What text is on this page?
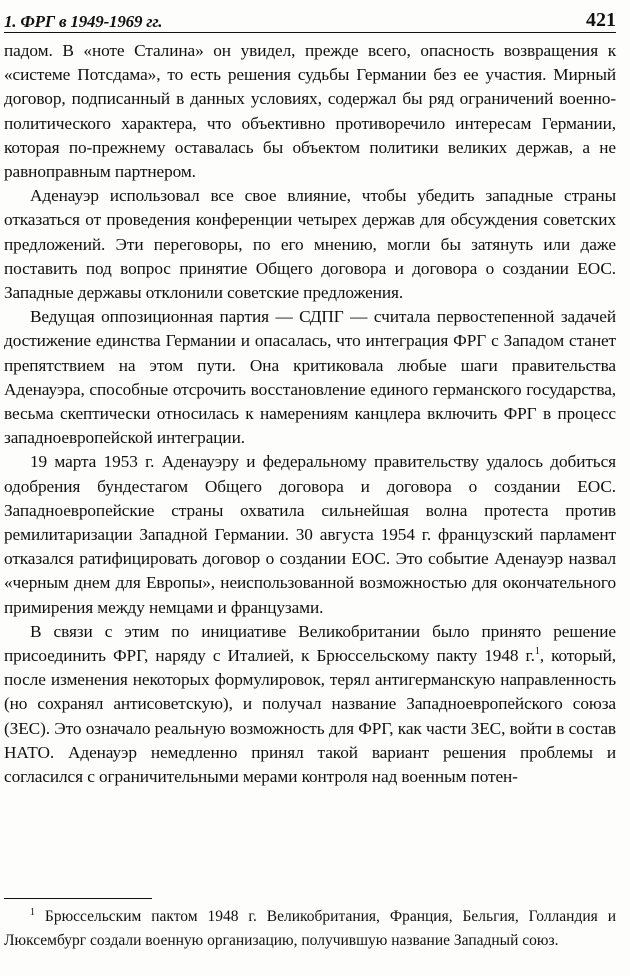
1. ФРГ в 1949-1969 гг.	421

падом. В «ноте Сталина» он увидел, прежде всего, опасность возвращения к «системе Потсдама», то есть решения судьбы Германии без ее участия. Мирный договор, подписанный в данных условиях, содержал бы ряд ограничений военно-политического характера, что объективно противоречило интересам Германии, которая по-прежнему оставалась бы объектом политики великих держав, а не равноправным партнером.

Аденауэр использовал все свое влияние, чтобы убедить западные страны отказаться от проведения конференции четырех держав для обсуждения советских предложений. Эти переговоры, по его мнению, могли бы затянуть или даже поставить под вопрос принятие Общего договора и договора о создании ЕОС. Западные державы отклонили советские предложения.

Ведущая оппозиционная партия — СДПГ — считала первостепенной задачей достижение единства Германии и опасалась, что интеграция ФРГ с Западом станет препятствием на этом пути. Она критиковала любые шаги правительства Аденауэра, способные отсрочить восстановление единого германского государства, весьма скептически относилась к намерениям канцлера включить ФРГ в процесс западноевропейской интеграции.

19 марта 1953 г. Аденауэру и федеральному правительству удалось добиться одобрения бундестагом Общего договора и договора о создании ЕОС. Западноевропейские страны охватила сильнейшая волна протеста против ремилитаризации Западной Германии. 30 августа 1954 г. французский парламент отказался ратифицировать договор о создании ЕОС. Это событие Аденауэр назвал «черным днем для Европы», неиспользованной возможностью для окончательного примирения между немцами и французами.

В связи с этим по инициативе Великобритании было принято решение присоединить ФРГ, наряду с Италией, к Брюссельскому пакту 1948 г.$^1$, который, после изменения некоторых формулировок, терял антигерманскую направленность (но сохранял антисоветскую), и получал название Западноевропейского союза (ЗЕС). Это означало реальную возможность для ФРГ, как части ЗЕС, войти в состав НАТО. Аденауэр немедленно принял такой вариант решения проблемы и согласился с ограничительными мерами контроля над военным потен-

$^1$ Брюссельским пактом 1948 г. Великобритания, Франция, Бельгия, Голландия и Люксембург создали военную организацию, получившую название Западный союз.
